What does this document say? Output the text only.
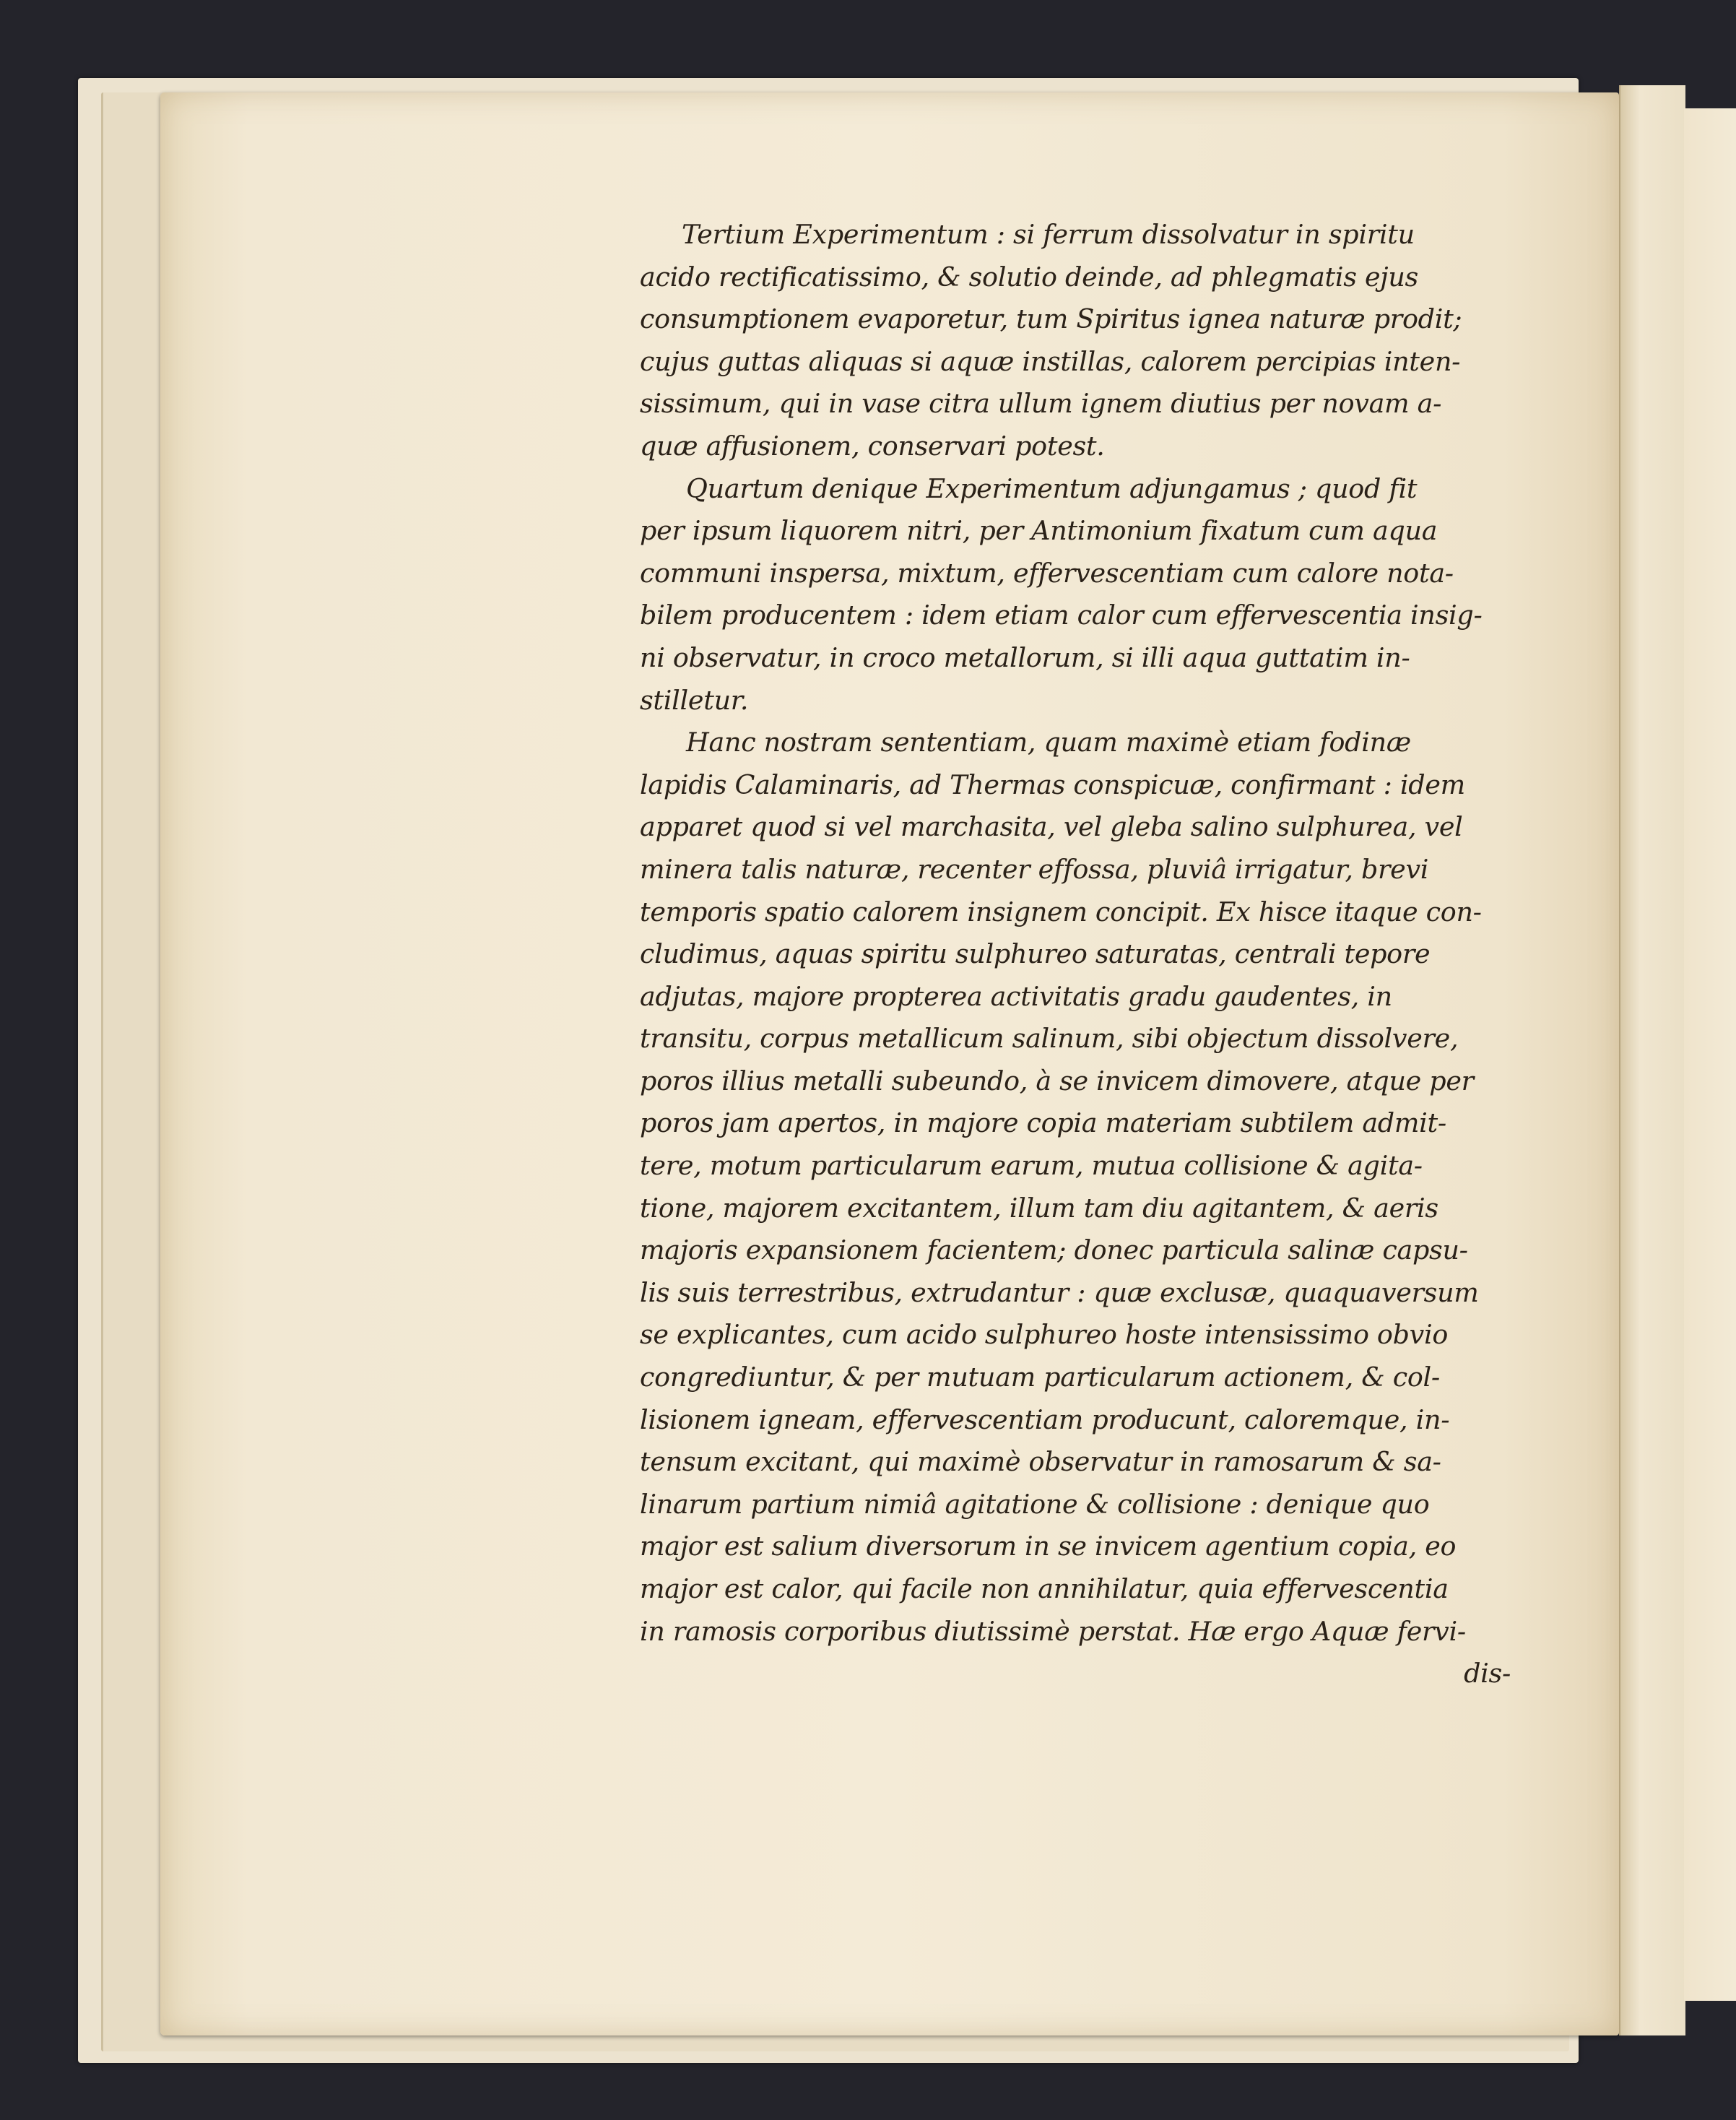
Tertium Experimentum : si ferrum dissolvatur in spiritu
acido rectificatissimo, & solutio deinde, ad phlegmatis ejus
consumptionem evaporetur, tum Spiritus ignea naturæ prodit;
cujus guttas aliquas si aquæ instillas, calorem percipias inten-
sissimum, qui in vase citra ullum ignem diutius per novam a-
quæ affusionem, conservari potest.
Quartum denique Experimentum adjungamus ; quod fit
per ipsum liquorem nitri, per Antimonium fixatum cum aqua
communi inspersa, mixtum, effervescentiam cum calore nota-
bilem producentem : idem etiam calor cum effervescentia insig-
ni observatur, in croco metallorum, si illi aqua guttatim in-
stilletur.
Hanc nostram sententiam, quam maximè etiam fodinæ
lapidis Calaminaris, ad Thermas conspicuæ, confirmant : idem
apparet quod si vel marchasita, vel gleba salino sulphurea, vel
minera talis naturæ, recenter effossa, pluviâ irrigatur, brevi
temporis spatio calorem insignem concipit. Ex hisce itaque con-
cludimus, aquas spiritu sulphureo saturatas, centrali tepore
adjutas, majore propterea activitatis gradu gaudentes, in
transitu, corpus metallicum salinum, sibi objectum dissolvere,
poros illius metalli subeundo, à se invicem dimovere, atque per
poros jam apertos, in majore copia materiam subtilem admit-
tere, motum particularum earum, mutua collisione & agita-
tione, majorem excitantem, illum tam diu agitantem, & aeris
majoris expansionem facientem; donec particula salinæ capsu-
lis suis terrestribus, extrudantur : quæ exclusæ, quaquaversum
se explicantes, cum acido sulphureo hoste intensissimo obvio
congrediuntur, & per mutuam particularum actionem, & col-
lisionem igneam, effervescentiam producunt, caloremque, in-
tensum excitant, qui maximè observatur in ramosarum & sa-
linarum partium nimiâ agitatione & collisione : denique quo
major est salium diversorum in se invicem agentium copia, eo
major est calor, qui facile non annihilatur, quia effervescentia
in ramosis corporibus diutissimè perstat. Hæ ergo Aquæ fervi-
dis-
